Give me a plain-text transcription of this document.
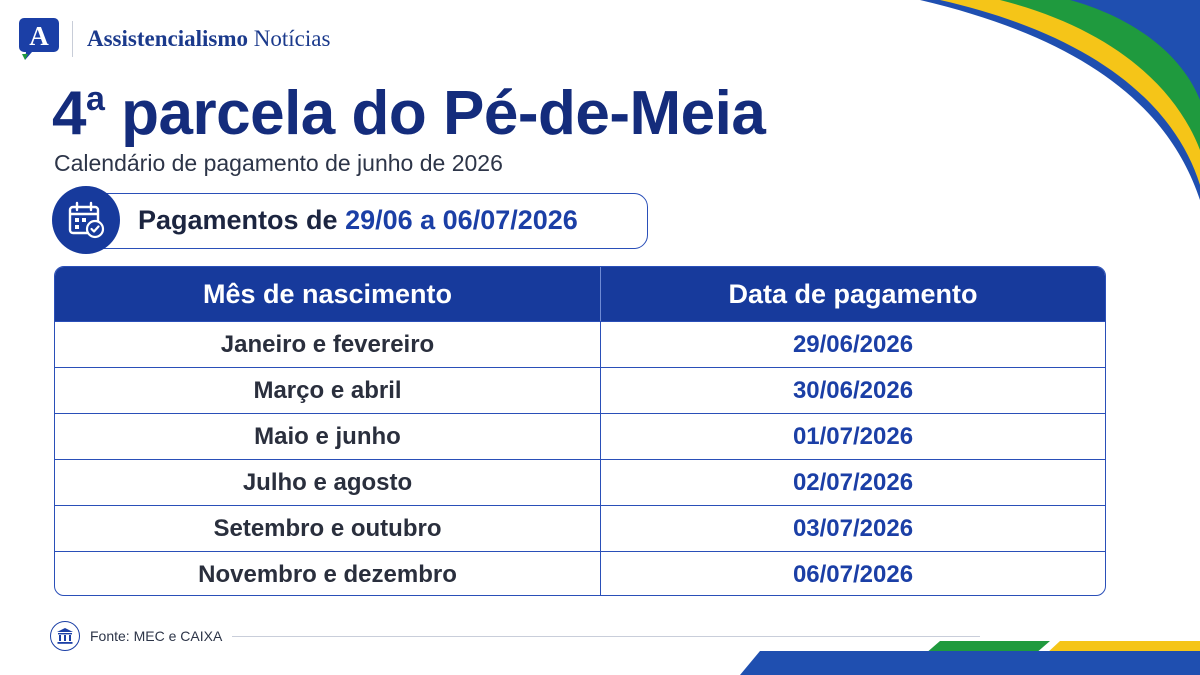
A Assistencialismo Notícias
4$^a$ parcela do Pé-de-Meia
Calendário de pagamento de junho de 2026
Pagamentos de 29/06 a 06/07/2026
Mês de nascimento	Data de pagamento
Janeiro e fevereiro	29/06/2026
Março e abril	30/06/2026
Maio e junho	01/07/2026
Julho e agosto	02/07/2026
Setembro e outubro	03/07/2026
Novembro e dezembro	06/07/2026
Fonte: MEC e CAIXA
